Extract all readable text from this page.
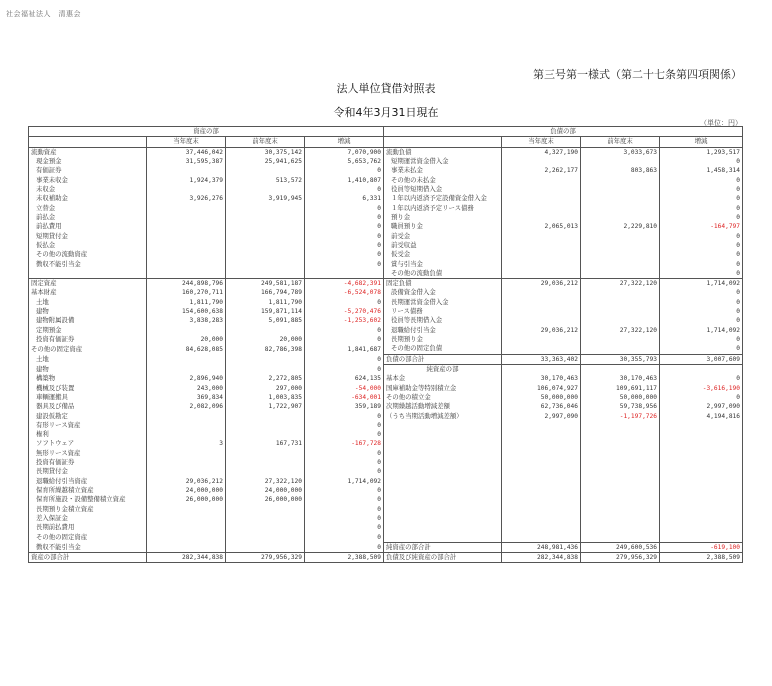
社会福祉法人　清惠会
第三号第一様式（第二十七条第四項関係）
法人単位貸借対照表
令和4年3月31日現在
（単位：円）
資産の部				負債の部			
	当年度末	前年度末	増減		当年度末	前年度末	増減
流動資産	37,446,042	30,375,142	7,070,900	流動負債	4,327,190	3,033,673	1,293,517
現金預金	31,595,387	25,941,625	5,653,762	短期運営資金借入金			0
有価証券			0	事業未払金	2,262,177	803,863	1,458,314
事業未収金	1,924,379	513,572	1,410,807	その他の未払金			0
未収金			0	役員等短期借入金			0
未収補助金	3,926,276	3,919,945	6,331	１年以内返済予定設備資金借入金			0
立替金			0	１年以内返済予定リース債務			0
前払金			0	預り金			0
前払費用			0	職員預り金	2,065,013	2,229,810	-164,797
短期貸付金			0	前受金			0
仮払金			0	前受収益			0
その他の流動資産			0	仮受金			0
徴収不能引当金			0	賞与引当金			0
				その他の流動負債			0
固定資産	244,898,796	249,581,187	-4,682,391	固定負債	29,036,212	27,322,120	1,714,092
基本財産	160,270,711	166,794,789	-6,524,078	設備資金借入金			0
土地	1,811,790	1,811,790	0	長期運営資金借入金			0
建物	154,600,638	159,871,114	-5,270,476	リース債務			0
建物附属設備	3,838,283	5,091,885	-1,253,602	役員等長期借入金			0
定期預金			0	退職給付引当金	29,036,212	27,322,120	1,714,092
投資有価証券	20,000	20,000	0	長期預り金			0
その他の固定資産	84,628,085	82,786,398	1,841,687	その他の固定負債			0
土地			0	負債の部合計	33,363,402	30,355,793	3,007,609
建物			0	純資産の部			
構築物	2,896,940	2,272,805	624,135	基本金	30,170,463	30,170,463	0
機械及び装置	243,000	297,000	-54,000	国庫補助金等特別積立金	106,074,927	109,691,117	-3,616,190
車輌運搬具	369,834	1,003,835	-634,001	その他の積立金	50,000,000	50,000,000	0
器具及び備品	2,082,096	1,722,907	359,189	次期繰越活動増減差額	62,736,046	59,738,956	2,997,090
建設仮勘定			0	（うち当期活動増減差額）	2,997,090	-1,197,726	4,194,816
有形リース資産			0				
権利			0				
ソフトウェア	3	167,731	-167,728				
無形リース資産			0				
投資有価証券			0				
長期貸付金			0				
退職給付引当資産	29,036,212	27,322,120	1,714,092				
保育所繰越積立資産	24,000,000	24,000,000	0				
保育所施設・設備整備積立資産	26,000,000	26,000,000	0				
長期預り金積立資産			0				
差入保証金			0				
長期前払費用			0				
その他の固定資産			0				
徴収不能引当金			0	純資産の部合計	248,981,436	249,600,536	-619,100
資産の部合計	282,344,838	279,956,329	2,388,509	負債及び純資産の部合計	282,344,838	279,956,329	2,388,509
